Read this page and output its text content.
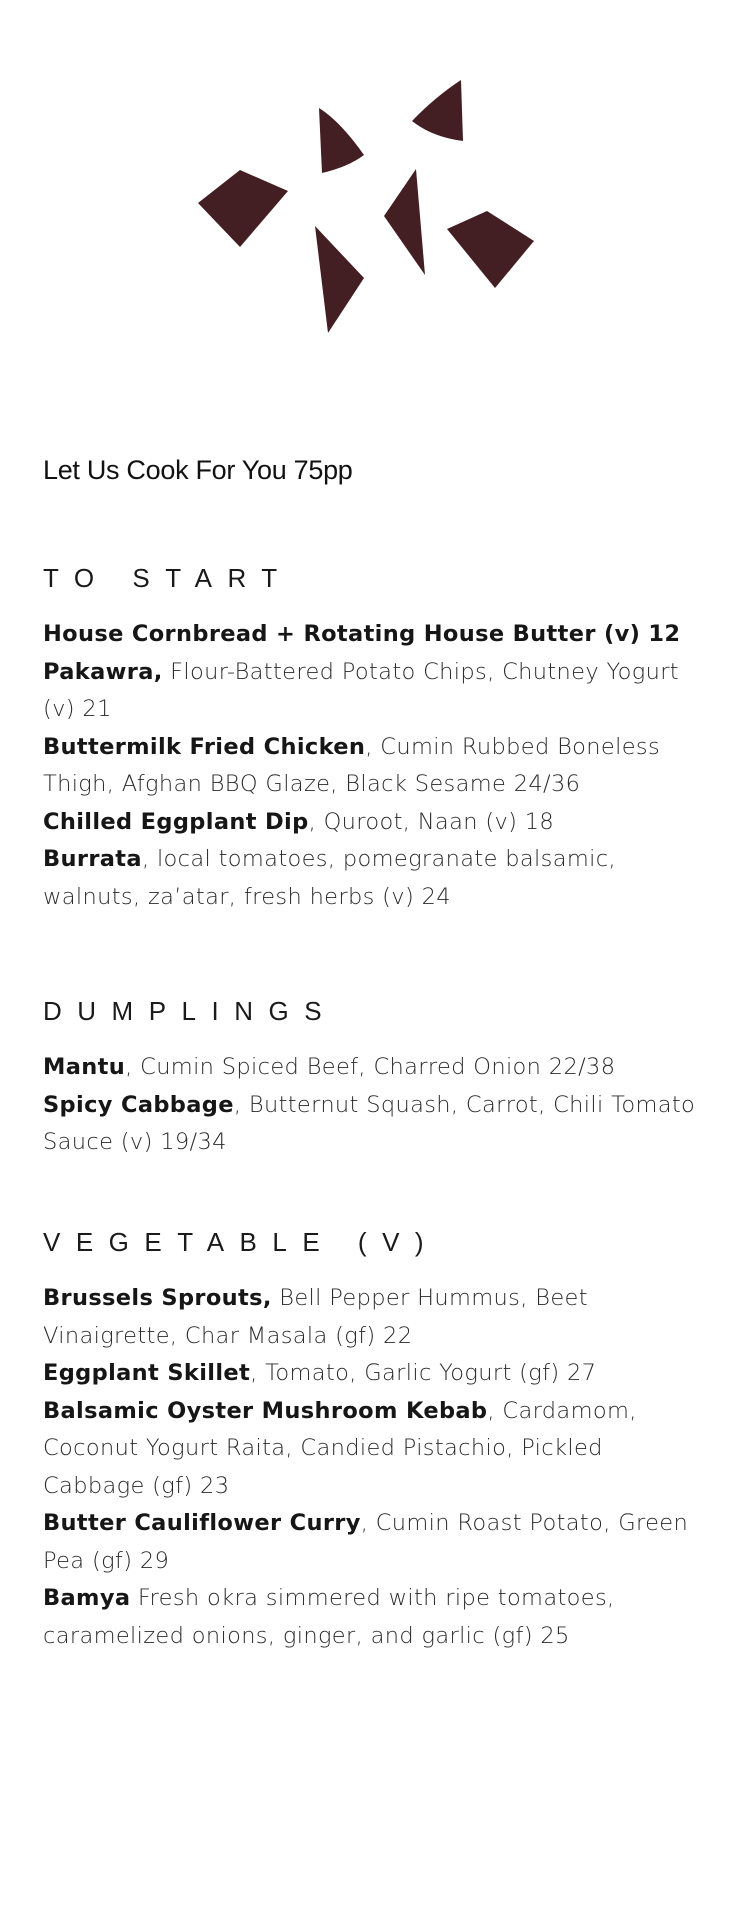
Let Us Cook For You 75pp
TO START
House Cornbread + Rotating House Butter (v) 12
Pakawra, Flour-Battered Potato Chips, Chutney Yogurt (v) 21
Buttermilk Fried Chicken, Cumin Rubbed Boneless Thigh, Afghan BBQ Glaze, Black Sesame 24/36
Chilled Eggplant Dip, Quroot, Naan (v) 18
Burrata, local tomatoes, pomegranate balsamic, walnuts, za’atar, fresh herbs (v) 24
DUMPLINGS
Mantu, Cumin Spiced Beef, Charred Onion 22/38
Spicy Cabbage, Butternut Squash, Carrot, Chili Tomato Sauce (v) 19/34
VEGETABLE (V)
Brussels Sprouts, Bell Pepper Hummus, Beet Vinaigrette, Char Masala (gf) 22
Eggplant Skillet, Tomato, Garlic Yogurt (gf) 27
Balsamic Oyster Mushroom Kebab, Cardamom, Coconut Yogurt Raita, Candied Pistachio, Pickled Cabbage (gf) 23
Butter Cauliflower Curry, Cumin Roast Potato, Green Pea (gf) 29
Bamya Fresh okra simmered with ripe tomatoes, caramelized onions, ginger, and garlic (gf) 25
